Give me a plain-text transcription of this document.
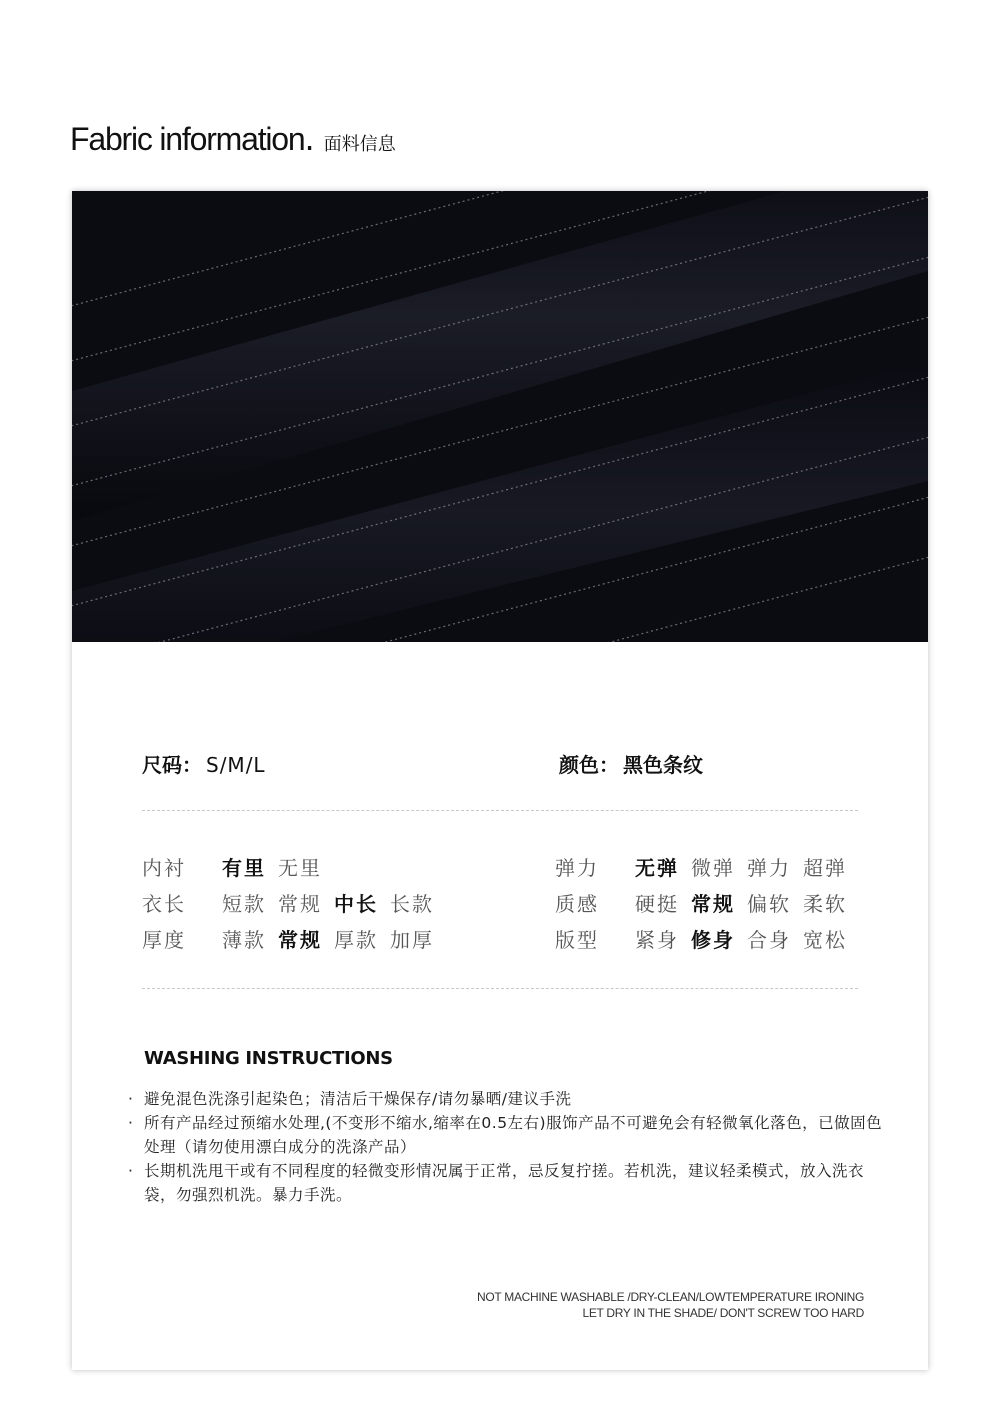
Fabric information. 面料信息
尺码： S/M/L	颜色： 黑色条纹
内衬	有里 无里
衣长	短款 常规 中长 长款
厚度	薄款 常规 厚款 加厚
弹力	无弹 微弹 弹力 超弹
质感	硬挺 常规 偏软 柔软
版型	紧身 修身 合身 宽松
WASHING INSTRUCTIONS
· 避免混色洗涤引起染色；清洁后干燥保存/请勿暴晒/建议手洗
· 所有产品经过预缩水处理,(不变形不缩水,缩率在0.5左右)服饰产品不可避免会有轻微氧化落色，已做固色处理（请勿使用漂白成分的洗涤产品）
· 长期机洗甩干或有不同程度的轻微变形情况属于正常，忌反复拧搓。若机洗，建议轻柔模式，放入洗衣袋，勿强烈机洗。暴力手洗。
NOT MACHINE WASHABLE /DRY-CLEAN/LOWTEMPERATURE IRONING
LET DRY IN THE SHADE/ DON'T SCREW TOO HARD
